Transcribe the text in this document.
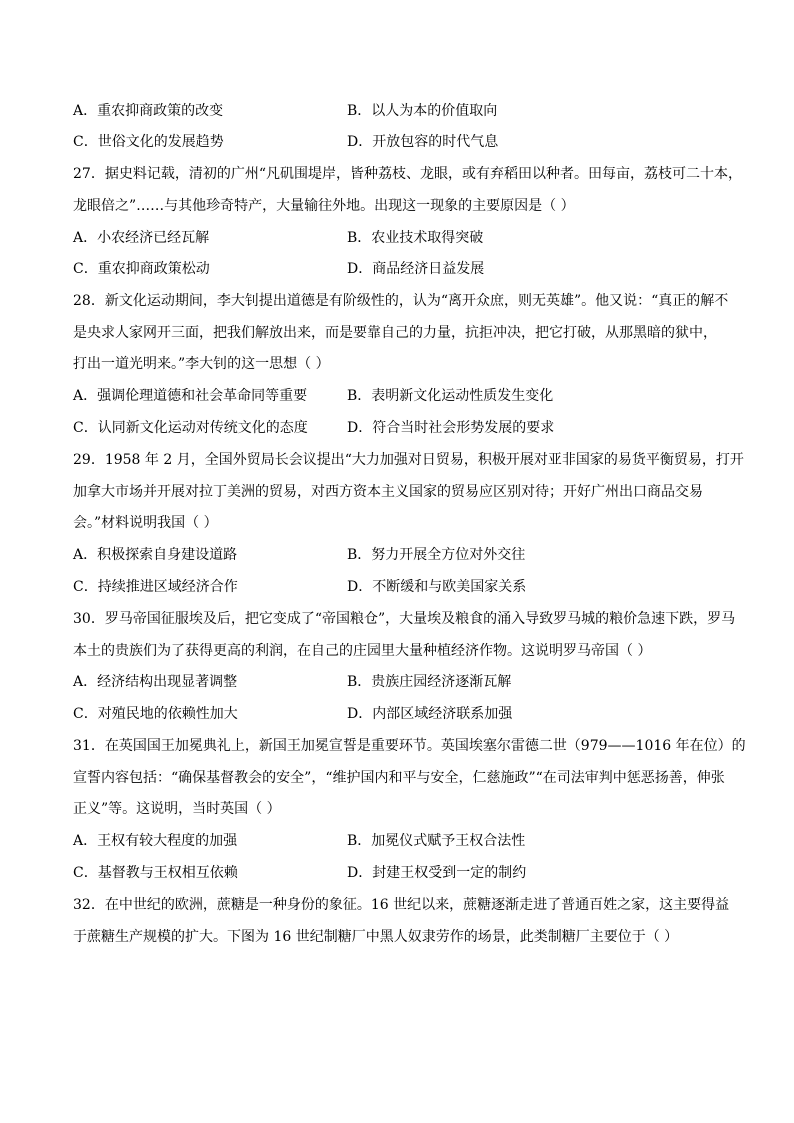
A．重农抑商政策的改变	B．以人为本的价值取向
C．世俗文化的发展趋势	D．开放包容的时代气息
27．据史料记载，清初的广州“凡矶围堤岸，皆种荔枝、龙眼，或有弃稻田以种者。田每亩，荔枝可二十本，
龙眼倍之”……与其他珍奇特产，大量输往外地。出现这一现象的主要原因是（ ）
A．小农经济已经瓦解	B．农业技术取得突破
C．重农抑商政策松动	D．商品经济日益发展
28．新文化运动期间，李大钊提出道德是有阶级性的，认为“离开众庶，则无英雄”。他又说：“真正的解不
是央求人家网开三面，把我们解放出来，而是要靠自己的力量，抗拒冲决，把它打破，从那黑暗的狱中，
打出一道光明来。”李大钊的这一思想（ ）
A．强调伦理道德和社会革命同等重要	B．表明新文化运动性质发生变化
C．认同新文化运动对传统文化的态度	D．符合当时社会形势发展的要求
29．1958 年 2 月，全国外贸局长会议提出“大力加强对日贸易，积极开展对亚非国家的易货平衡贸易，打开
加拿大市场并开展对拉丁美洲的贸易，对西方资本主义国家的贸易应区别对待；开好广州出口商品交易
会。”材料说明我国（ ）
A．积极探索自身建设道路	B．努力开展全方位对外交往
C．持续推进区域经济合作	D．不断缓和与欧美国家关系
30．罗马帝国征服埃及后，把它变成了“帝国粮仓”，大量埃及粮食的涌入导致罗马城的粮价急速下跌，罗马
本土的贵族们为了获得更高的利润，在自己的庄园里大量种植经济作物。这说明罗马帝国（ ）
A．经济结构出现显著调整	B．贵族庄园经济逐渐瓦解
C．对殖民地的依赖性加大	D．内部区域经济联系加强
31．在英国国王加冕典礼上，新国王加冕宣誓是重要环节。英国埃塞尔雷德二世（979——1016 年在位）的
宣誓内容包括：“确保基督教会的安全”，“维护国内和平与安全，仁慈施政”“在司法审判中惩恶扬善，伸张
正义”等。这说明，当时英国（ ）
A．王权有较大程度的加强	B．加冕仪式赋予王权合法性
C．基督教与王权相互依赖	D．封建王权受到一定的制约
32．在中世纪的欧洲，蔗糖是一种身份的象征。16 世纪以来，蔗糖逐渐走进了普通百姓之家，这主要得益
于蔗糖生产规模的扩大。下图为 16 世纪制糖厂中黑人奴隶劳作的场景，此类制糖厂主要位于（ ）
